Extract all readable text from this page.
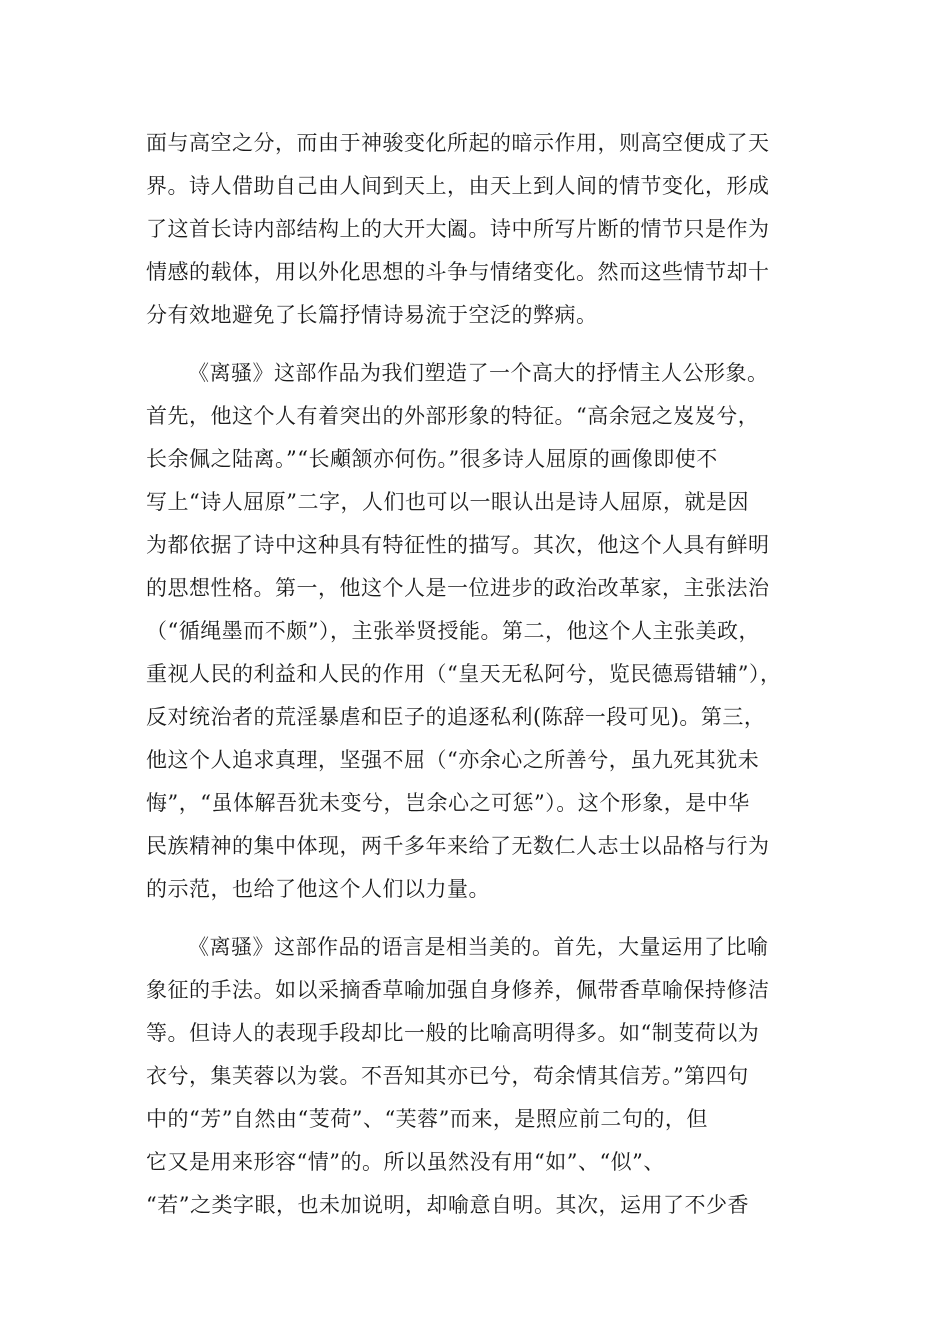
面与高空之分，而由于神骏变化所起的暗示作用，则高空便成了天
界。诗人借助自己由人间到天上，由天上到人间的情节变化，形成
了这首长诗内部结构上的大开大阖。诗中所写片断的情节只是作为
情感的载体，用以外化思想的斗争与情绪变化。然而这些情节却十
分有效地避免了长篇抒情诗易流于空泛的弊病。
《离骚》这部作品为我们塑造了一个高大的抒情主人公形象。
首先，他这个人有着突出的外部形象的特征。“高余冠之岌岌兮，
长余佩之陆离。”“长顑颔亦何伤。”很多诗人屈原的画像即使不
写上“诗人屈原”二字，人们也可以一眼认出是诗人屈原，就是因
为都依据了诗中这种具有特征性的描写。其次，他这个人具有鲜明
的思想性格。第一，他这个人是一位进步的政治改革家，主张法治
（“循绳墨而不颇”），主张举贤授能。第二，他这个人主张美政，
重视人民的利益和人民的作用（“皇天无私阿兮，览民德焉错辅”），
反对统治者的荒淫暴虐和臣子的追逐私利(陈辞一段可见)。第三，
他这个人追求真理，坚强不屈（“亦余心之所善兮，虽九死其犹未
悔”，“虽体解吾犹未变兮，岂余心之可惩”）。这个形象，是中华
民族精神的集中体现，两千多年来给了无数仁人志士以品格与行为
的示范，也给了他这个人们以力量。
《离骚》这部作品的语言是相当美的。首先，大量运用了比喻
象征的手法。如以采摘香草喻加强自身修养，佩带香草喻保持修洁
等。但诗人的表现手段却比一般的比喻高明得多。如“制芰荷以为
衣兮，集芙蓉以为裳。不吾知其亦已兮，苟余情其信芳。”第四句
中的“芳”自然由“芰荷”、“芙蓉”而来，是照应前二句的，但
它又是用来形容“情”的。所以虽然没有用“如”、“似”、
“若”之类字眼，也未加说明，却喻意自明。其次，运用了不少香
